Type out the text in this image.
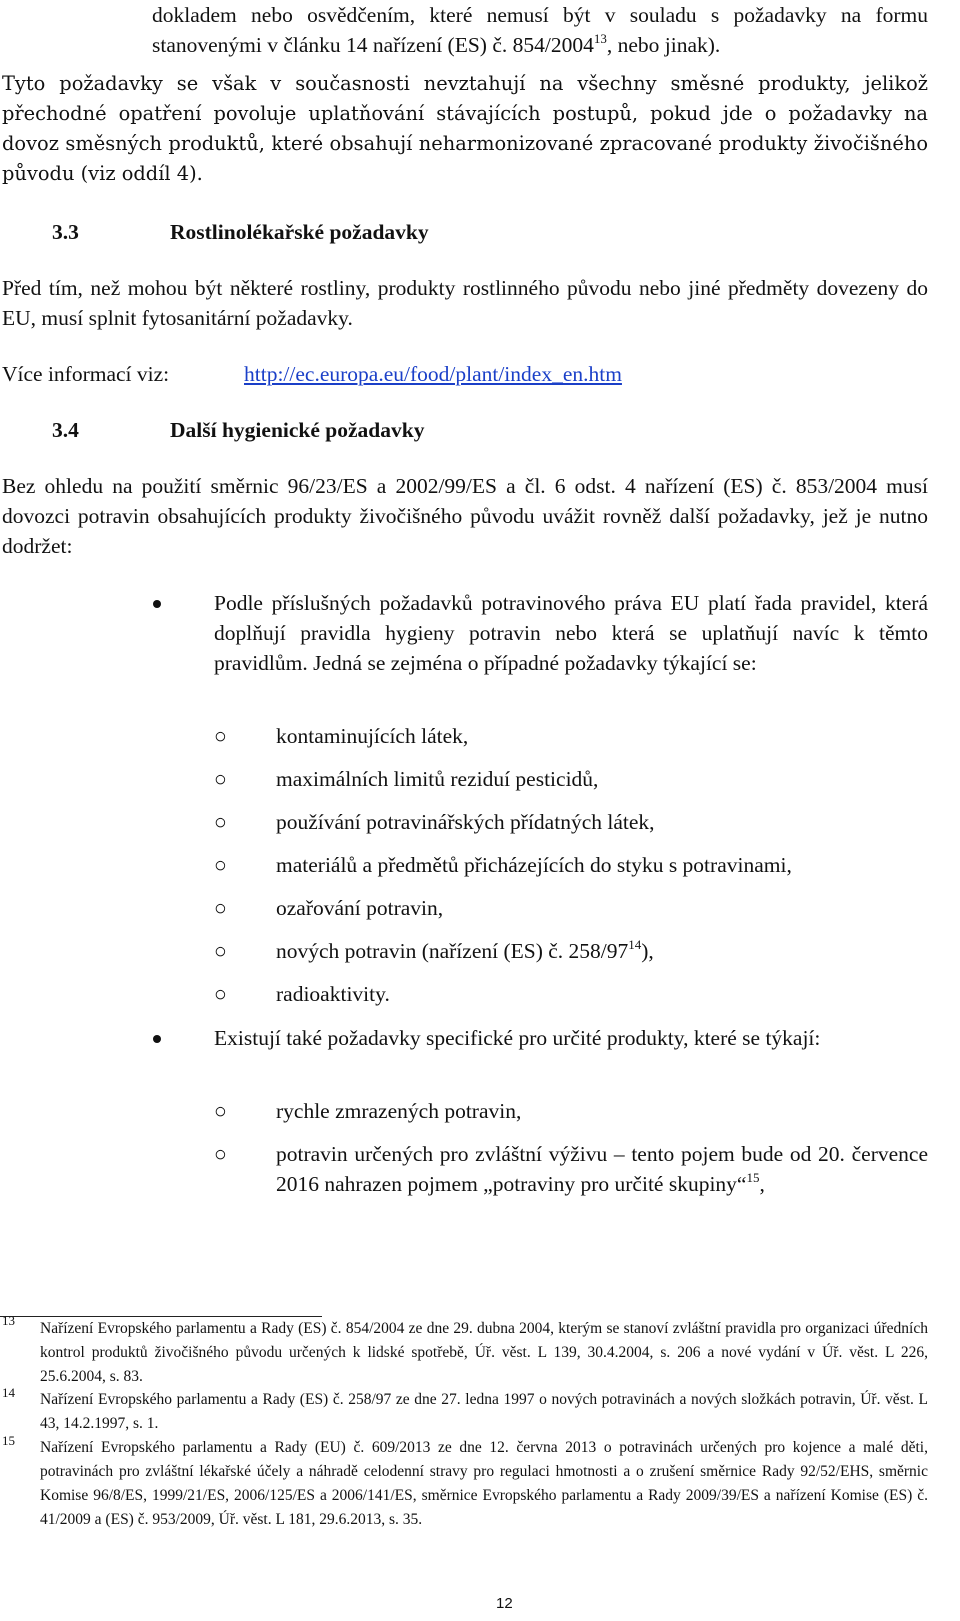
dokladem nebo osvědčením, které nemusí být v souladu s požadavky na formu stanovenými v článku 14 nařízení (ES) č. 854/2004$^{13}$, nebo jinak).

Tyto požadavky se však v současnosti nevztahují na všechny směsné produkty, jelikož přechodné opatření povoluje uplatňování stávajících postupů, pokud jde o požadavky na dovoz směsných produktů, které obsahují neharmonizované zpracované produkty živočišného původu (viz oddíl 4).

3.3	Rostlinolékařské požadavky

Před tím, než mohou být některé rostliny, produkty rostlinného původu nebo jiné předměty dovezeny do EU, musí splnit fytosanitární požadavky.

Více informací viz:	http://ec.europa.eu/food/plant/index_en.htm
3.4	Další hygienické požadavky

Bez ohledu na použití směrnic 96/23/ES a 2002/99/ES a čl. 6 odst. 4 nařízení (ES) č. 853/2004 musí dovozci potravin obsahujících produkty živočišného původu uvážit rovněž další požadavky, jež je nutno dodržet:

Podle příslušných požadavků potravinového práva EU platí řada pravidel, která doplňují pravidla hygieny potravin nebo která se uplatňují navíc k těmto pravidlům. Jedná se zejména o případné požadavky týkající se:

○ kontaminujících látek,

○ maximálních limitů reziduí pesticidů,

○ používání potravinářských přídatných látek,

○ materiálů a předmětů přicházejících do styku s potravinami,

○ ozařování potravin,

○ nových potravin (nařízení (ES) č. $258/97^{14}$),

○ radioaktivity.

Existují také požadavky specifické pro určité produkty, které se týkají:

○ rychle zmrazených potravin,

○ potravin určených pro zvláštní výživu – tento pojem bude od 20. července 2016 nahrazen pojmem „potraviny pro určité skupiny“$^{15}$,

13 Nařízení Evropského parlamentu a Rady (ES) č. 854/2004 ze dne 29. dubna 2004, kterým se stanoví zvláštní pravidla pro organizaci úředních kontrol produktů živočišného původu určených k lidské spotřebě, Úř. věst. L 139, 30.4.2004, s. 206 a nové vydání v Úř. věst. L 226, 25.6.2004, s. 83.

14 Nařízení Evropského parlamentu a Rady (ES) č. 258/97 ze dne 27. ledna 1997 o nových potravinách a nových složkách potravin, Úř. věst. L 43, 14.2.1997, s. 1.

15 Nařízení Evropského parlamentu a Rady (EU) č. 609/2013 ze dne 12. června 2013 o potravinách určených pro kojence a malé děti, potravinách pro zvláštní lékařské účely a náhradě celodenní stravy pro regulaci hmotnosti a o zrušení směrnice Rady 92/52/EHS, směrnic Komise 96/8/ES, 1999/21/ES, 2006/125/ES a 2006/141/ES, směrnice Evropského parlamentu a Rady 2009/39/ES a nařízení Komise (ES) č. 41/2009 a (ES) č. 953/2009, Úř. věst. L 181, 29.6.2013, s. 35.

12
